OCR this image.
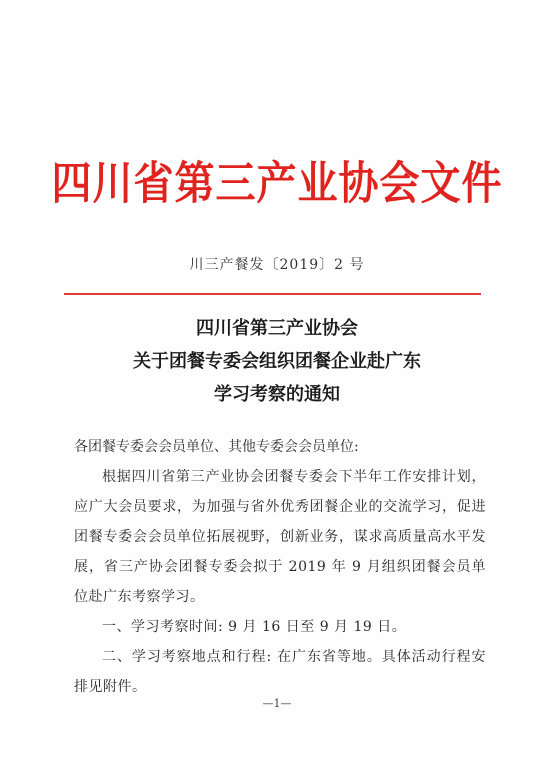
四川省第三产业协会文件
川三产餐发〔2019〕2 号
四川省第三产业协会
关于团餐专委会组织团餐企业赴广东
学习考察的通知
各团餐专委会会员单位、其他专委会会员单位:

根据四川省第三产业协会团餐专委会下半年工作安排计划，应广大会员要求，为加强与省外优秀团餐企业的交流学习，促进团餐专委会会员单位拓展视野，创新业务，谋求高质量高水平发展，省三产协会团餐专委会拟于 2019 年 9 月组织团餐会员单位赴广东考察学习。

一、学习考察时间: 9 月 16 日至 9 月 19 日。

二、学习考察地点和行程: 在广东省等地。具体活动行程安排见附件。

—1—
